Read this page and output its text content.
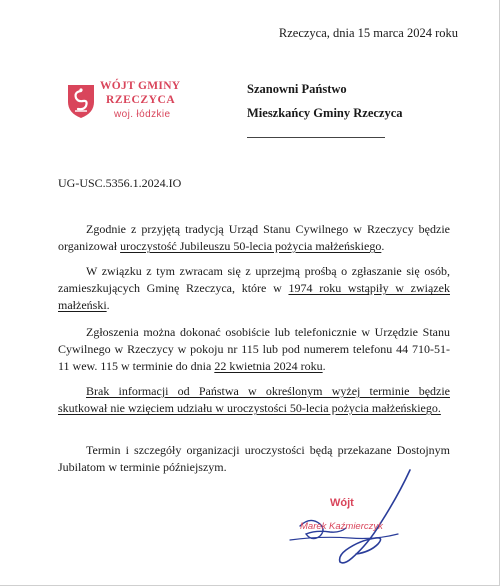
Rzeczyca, dnia 15 marca 2024 roku
WÓJT GMINY
RZECZYCA
woj. łódzkie
Szanowni Państwo
Mieszkańcy Gminy Rzeczyca
UG-USC.5356.1.2024.IO
Zgodnie z przyjętą tradycją Urząd Stanu Cywilnego w Rzeczycy będzie organizował uroczystość Jubileuszu 50-lecia pożycia małżeńskiego.
W związku z tym zwracam się z uprzejmą prośbą o zgłaszanie się osób, zamieszkujących Gminę Rzeczyca, które w 1974 roku wstąpiły w związek małżeński.
Zgłoszenia można dokonać osobiście lub telefonicznie w Urzędzie Stanu Cywilnego w Rzeczycy w pokoju nr 115 lub pod numerem telefonu 44 710-51-11 wew. 115 w terminie do dnia 22 kwietnia 2024 roku.
Brak informacji od Państwa w określonym wyżej terminie będzie skutkował nie wzięciem udziału w uroczystości 50-lecia pożycia małżeńskiego.
Termin i szczegóły organizacji uroczystości będą przekazane Dostojnym Jubilatom w terminie późniejszym.
Wójt
Marek Kaźmierczyk
